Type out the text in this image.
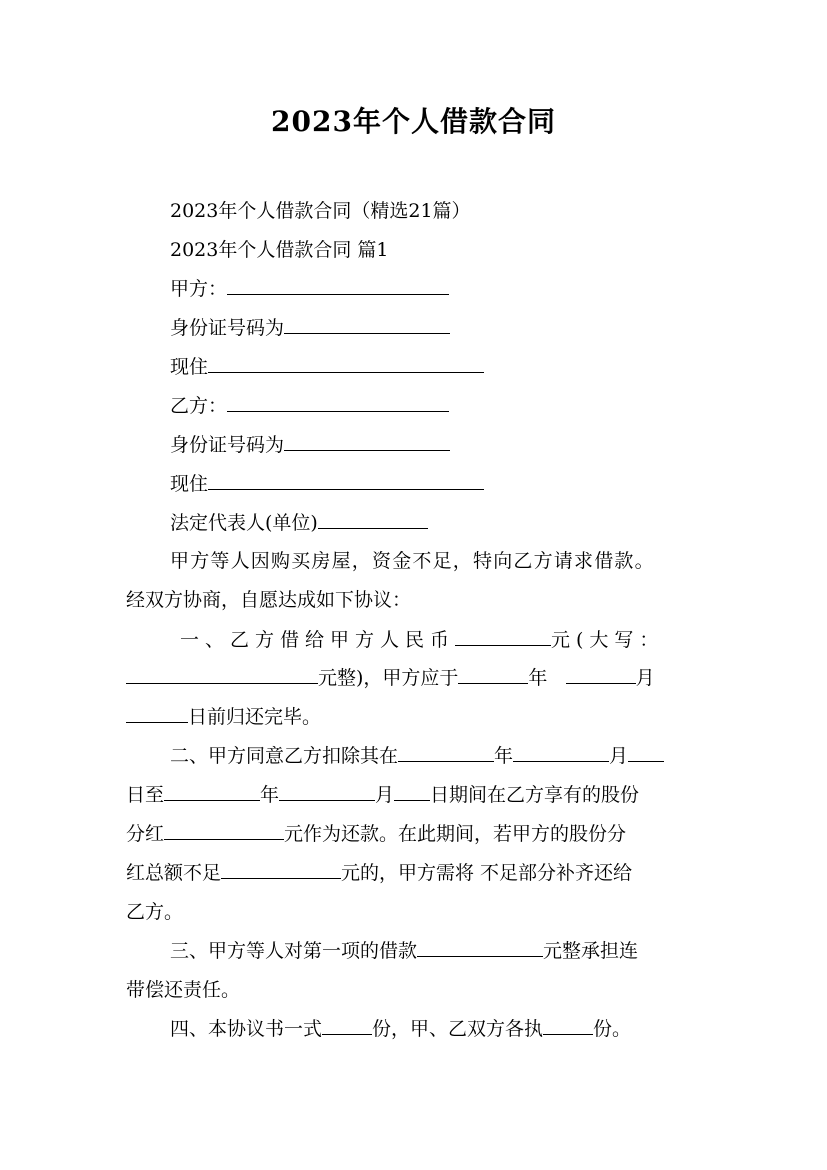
2023年个人借款合同
2023年个人借款合同（精选21篇）
2023年个人借款合同 篇1
甲方：
身份证号码为
现住
乙方：
身份证号码为
现住
法定代表人(单位)
甲方等人因购买房屋，资金不足，特向乙方请求借款。
经双方协商，自愿达成如下协议：
一、乙方借给甲方人民币	元(大写：
元整)，甲方应于	年	月
日前归还完毕。
二、甲方同意乙方扣除其在	年	月
日至	年	月 日期间在乙方享有的股份
分红	元作为还款。在此期间，若甲方的股份分
红总额不足	元的，甲方需将 不足部分补齐还给
乙方。
三、甲方等人对第一项的借款	元整承担连
带偿还责任。
四、本协议书一式	份，甲、乙双方各执	份。
